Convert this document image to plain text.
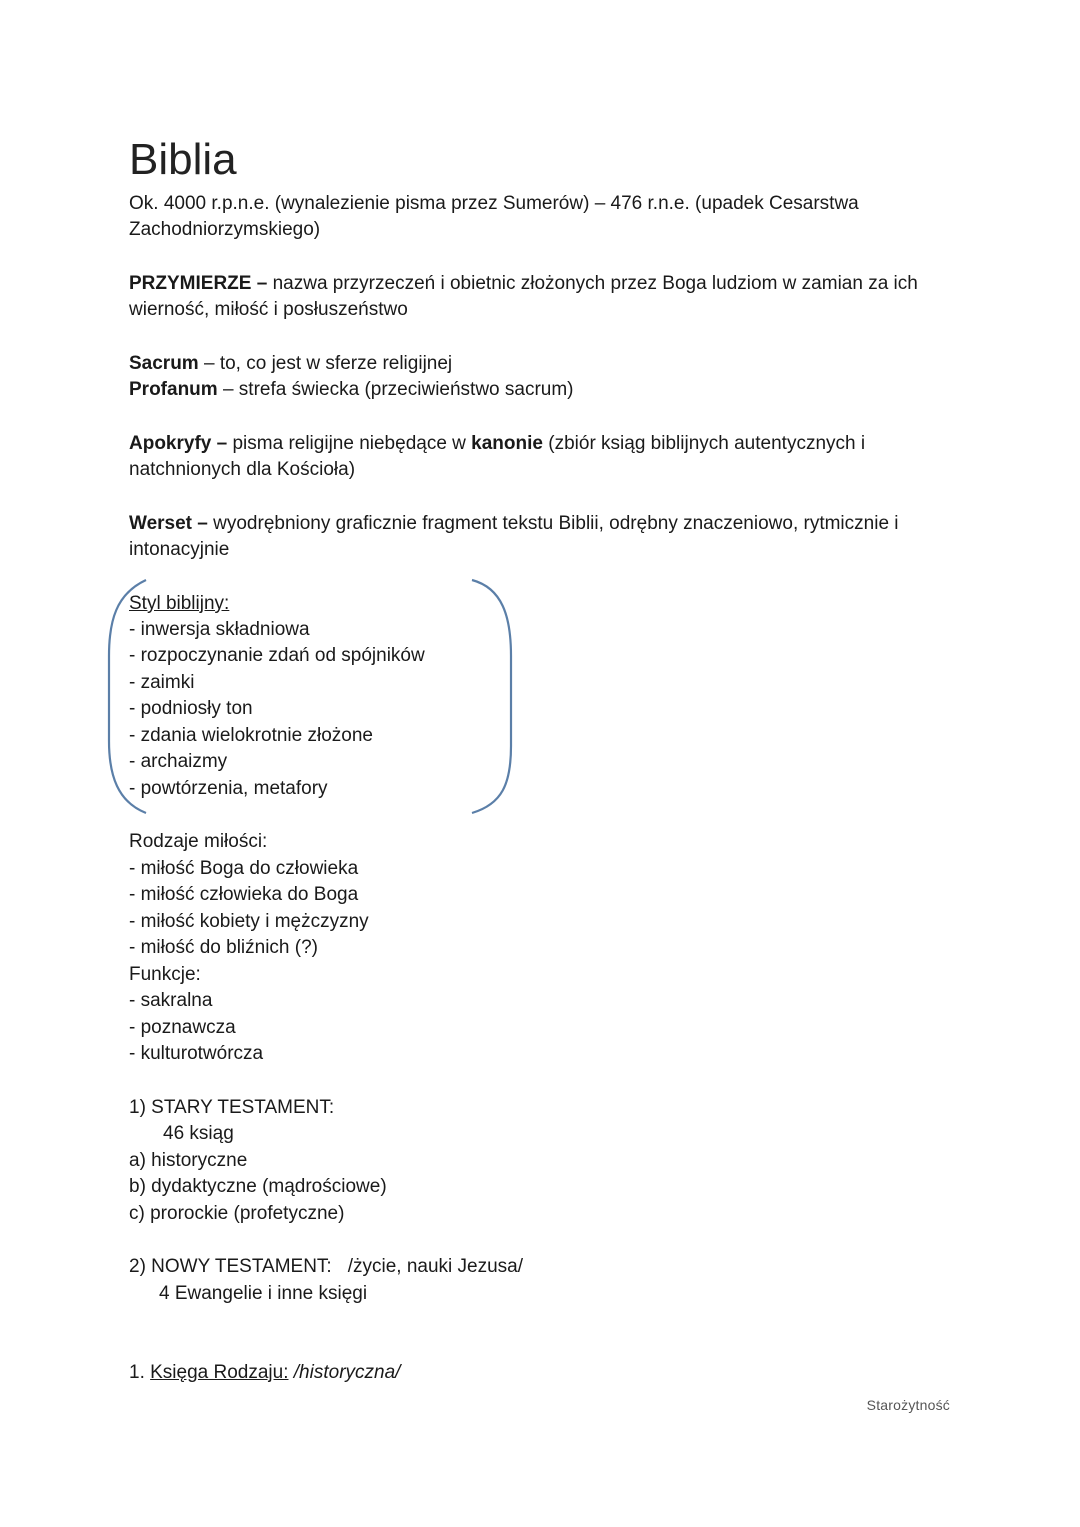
Biblia
Ok. 4000 r.p.n.e. (wynalezienie pisma przez Sumerów) – 476 r.n.e. (upadek Cesarstwa
Zachodniorzymskiego)
PRZYMIERZE – nazwa przyrzeczeń i obietnic złożonych przez Boga ludziom w zamian za ich
wierność, miłość i posłuszeństwo
Sacrum – to, co jest w sferze religijnej
Profanum – strefa świecka (przeciwieństwo sacrum)
Apokryfy – pisma religijne niebędące w kanonie (zbiór ksiąg biblijnych autentycznych i
natchnionych dla Kościoła)
Werset – wyodrębniony graficznie fragment tekstu Biblii, odrębny znaczeniowo, rytmicznie i
intonacyjnie
Styl biblijny:
- inwersja składniowa
- rozpoczynanie zdań od spójników
- zaimki
- podniosły ton
- zdania wielokrotnie złożone
- archaizmy
- powtórzenia, metafory
Rodzaje miłości:
- miłość Boga do człowieka
- miłość człowieka do Boga
- miłość kobiety i mężczyzny
- miłość do bliźnich (?)
Funkcje:
- sakralna
- poznawcza
- kulturotwórcza
1) STARY TESTAMENT:
46 ksiąg
a) historyczne
b) dydaktyczne (mądrościowe)
c) prorockie (profetyczne)
2) NOWY TESTAMENT: /życie, nauki Jezusa/
4 Ewangelie i inne księgi
1. Księga Rodzaju: /historyczna/
Starożytność
